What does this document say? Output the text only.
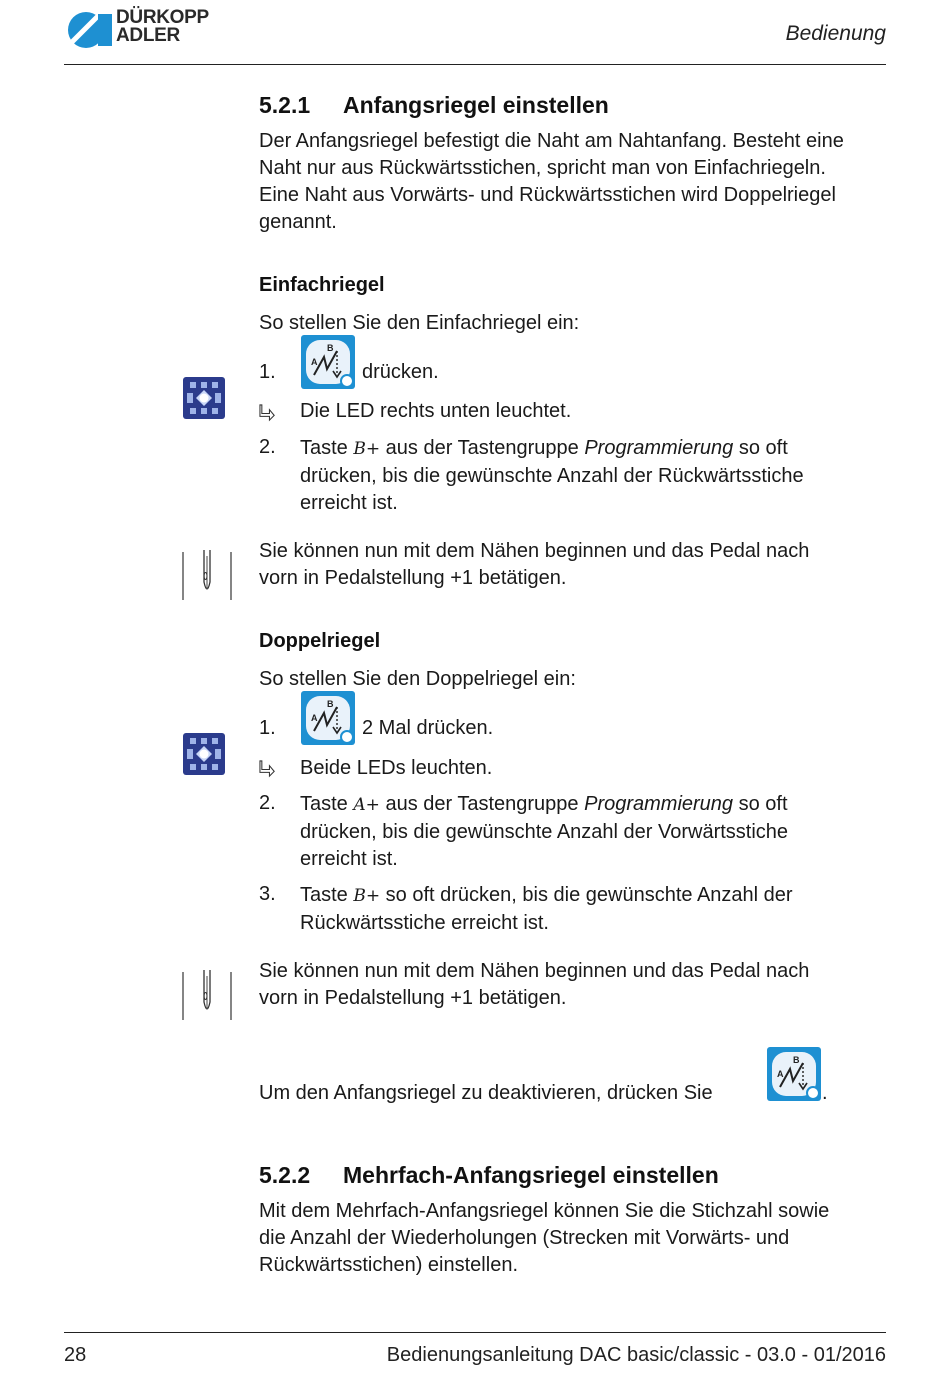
DÜRKOPP
ADLER	Bedienung
5.2.1 Anfangsriegel einstellen
Der Anfangsriegel befestigt die Naht am Nahtanfang. Besteht eine
Naht nur aus Rückwärtsstichen, spricht man von Einfachriegeln.
Eine Naht aus Vorwärts- und Rückwärtsstichen wird Doppelriegel
genannt.
Einfachriegel
So stellen Sie den Einfachriegel ein:
1.	drücken.
Die LED rechts unten leuchtet.
2. Taste B+ aus der Tastengruppe Programmierung so oft
drücken, bis die gewünschte Anzahl der Rückwärtsstiche
erreicht ist.
Sie können nun mit dem Nähen beginnen und das Pedal nach
vorn in Pedalstellung +1 betätigen.
Doppelriegel
So stellen Sie den Doppelriegel ein:
1.	2 Mal drücken.
Beide LEDs leuchten.
2. Taste A+ aus der Tastengruppe Programmierung so oft
drücken, bis die gewünschte Anzahl der Vorwärtsstiche
erreicht ist.
3. Taste B+ so oft drücken, bis die gewünschte Anzahl der
Rückwärtsstiche erreicht ist.
Sie können nun mit dem Nähen beginnen und das Pedal nach
vorn in Pedalstellung +1 betätigen.
Um den Anfangsriegel zu deaktivieren, drücken Sie	.
5.2.2 Mehrfach-Anfangsriegel einstellen
Mit dem Mehrfach-Anfangsriegel können Sie die Stichzahl sowie
die Anzahl der Wiederholungen (Strecken mit Vorwärts- und
Rückwärtsstichen) einstellen.
28	Bedienungsanleitung DAC basic/classic - 03.0 - 01/2016
